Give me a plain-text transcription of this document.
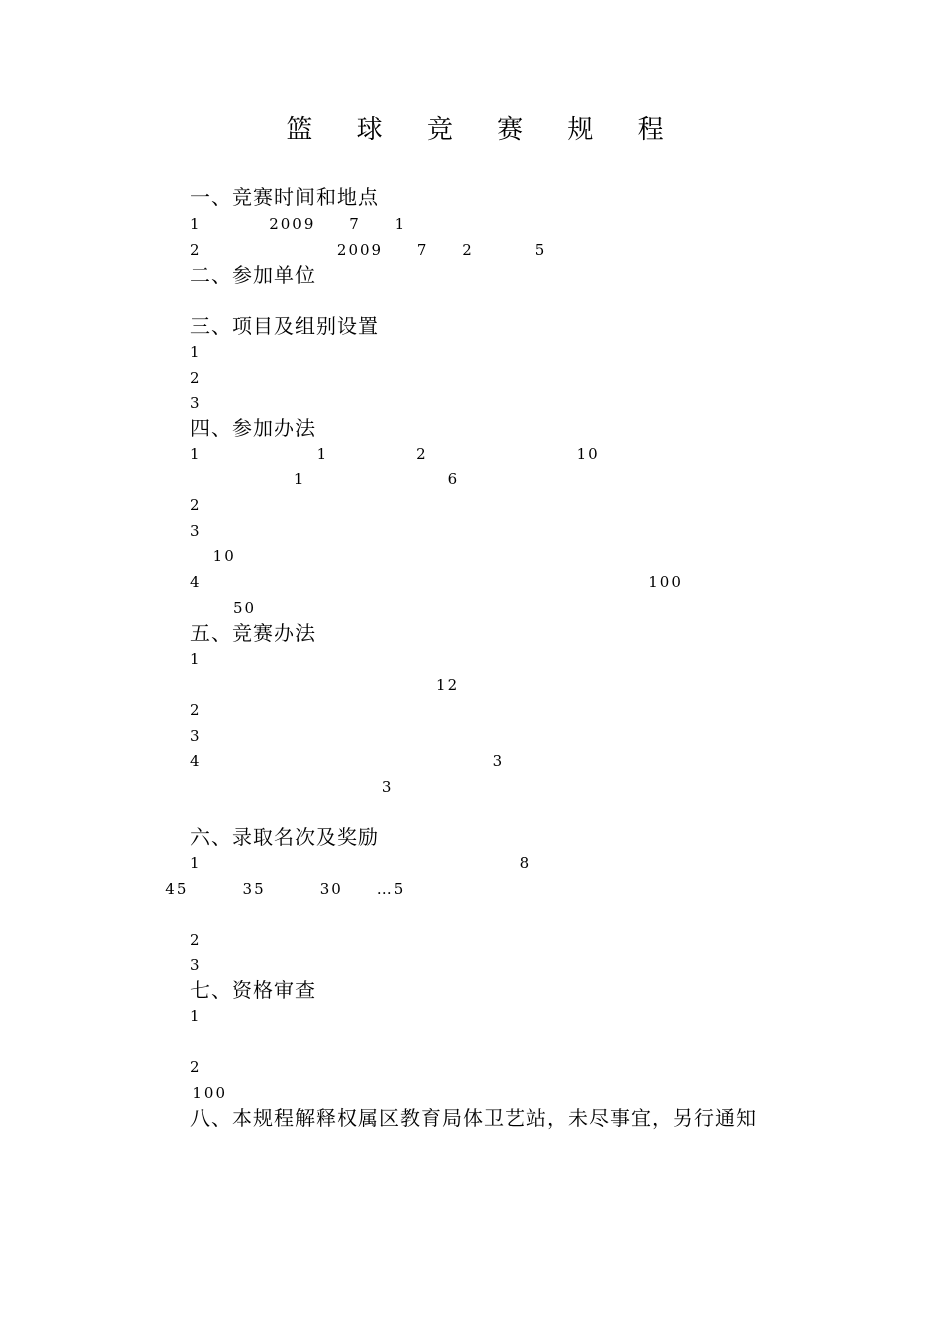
篮 球 竞 赛 规 程
一、竞赛时间和地点
1          2009     7     1
2                    2009     7     2         5
二、参加单位
三、项目及组别设置
1
2
3
四、参加办法
1                 1             2                      10
1                     6
2
3
10
4                                                                  100
50
五、竞赛办法
1
12
2
3
4                                           3
3
六、录取名次及奖励
1                                               8
45        35        30     …5
2
3
七、资格审查
1
2
100
八、本规程解释权属区教育局体卫艺站，未尽事宜，另行通知
